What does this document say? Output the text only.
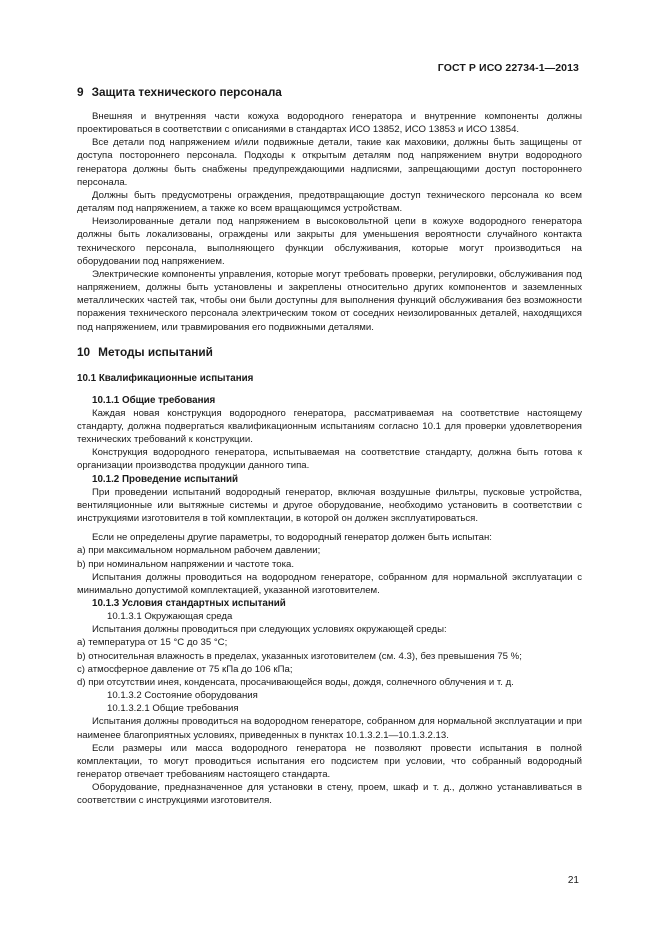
ГОСТ Р ИСО 22734-1—2013
9 Защита технического персонала

Внешняя и внутренняя части кожуха водородного генератора и внутренние компоненты должны проектироваться в соответствии с описаниями в стандартах ИСО 13852, ИСО 13853 и ИСО 13854.

Все детали под напряжением и/или подвижные детали, такие как маховики, должны быть защищены от доступа постороннего персонала. Подходы к открытым деталям под напряжением внутри водородного генератора должны быть снабжены предупреждающими надписями, запрещающими доступ постороннего персонала.

Должны быть предусмотрены ограждения, предотвращающие доступ технического персонала ко всем деталям под напряжением, а также ко всем вращающимся устройствам.

Неизолированные детали под напряжением в высоковольтной цепи в кожухе водородного генератора должны быть локализованы, ограждены или закрыты для уменьшения вероятности случайного контакта технического персонала, выполняющего функции обслуживания, которые могут производиться на оборудовании под напряжением.

Электрические компоненты управления, которые могут требовать проверки, регулировки, обслуживания под напряжением, должны быть установлены и закреплены относительно других компонентов и заземленных металлических частей так, чтобы они были доступны для выполнения функций обслуживания без возможности поражения технического персонала электрическим током от соседних неизолированных деталей, находящихся под напряжением, или травмирования его подвижными деталями.

10 Методы испытаний
10.1 Квалификационные испытания
10.1.1 Общие требования

Каждая новая конструкция водородного генератора, рассматриваемая на соответствие настоящему стандарту, должна подвергаться квалификационным испытаниям согласно 10.1 для проверки удовлетворения технических требований к конструкции.

Конструкция водородного генератора, испытываемая на соответствие стандарту, должна быть готова к организации производства продукции данного типа.

10.1.2 Проведение испытаний

При проведении испытаний водородный генератор, включая воздушные фильтры, пусковые устройства, вентиляционные или вытяжные системы и другое оборудование, необходимо установить в соответствии с инструкциями изготовителя в той комплектации, в которой он должен эксплуатироваться.

Если не определены другие параметры, то водородный генератор должен быть испытан:

а) при максимальном нормальном рабочем давлении;

b) при номинальном напряжении и частоте тока.

Испытания должны проводиться на водородном генераторе, собранном для нормальной эксплуатации с минимально допустимой комплектацией, указанной изготовителем.

10.1.3 Условия стандартных испытаний

10.1.3.1 Окружающая среда

Испытания должны проводиться при следующих условиях окружающей среды:

а) температура от 15 °С до 35 °С;

b) относительная влажность в пределах, указанных изготовителем (см. 4.3), без превышения 75 %;

c) атмосферное давление от 75 кПа до 106 кПа;

d) при отсутствии инея, конденсата, просачивающейся воды, дождя, солнечного облучения и т. д.

10.1.3.2 Состояние оборудования

10.1.3.2.1 Общие требования

Испытания должны проводиться на водородном генераторе, собранном для нормальной эксплуатации и при наименее благоприятных условиях, приведенных в пунктах 10.1.3.2.1—10.1.3.2.13.

Если размеры или масса водородного генератора не позволяют провести испытания в полной комплектации, то могут проводиться испытания его подсистем при условии, что собранный водородный генератор отвечает требованиям настоящего стандарта.

Оборудование, предназначенное для установки в стену, проем, шкаф и т. д., должно устанавливаться в соответствии с инструкциями изготовителя.

21
